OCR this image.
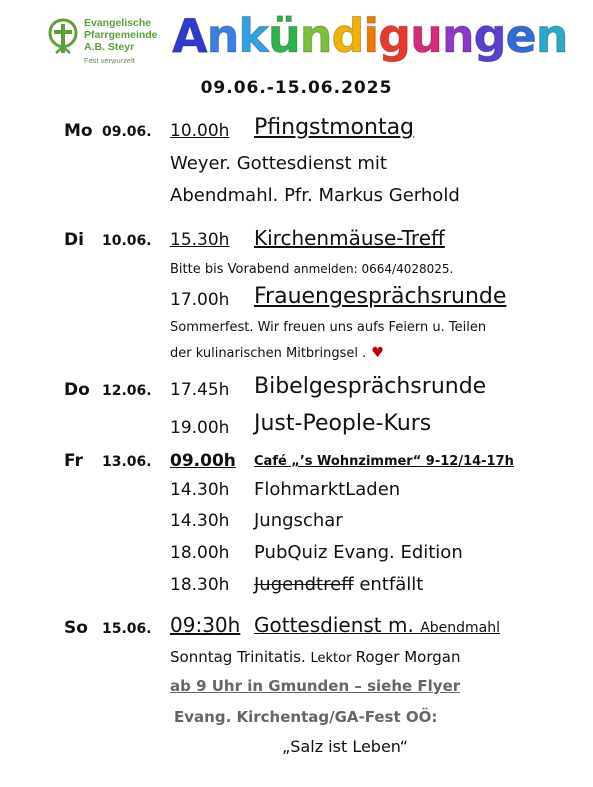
Evangelische
Pfarrgemeinde
A.B. Steyr
Fest verwurzelt Ankündigungen
09.06.-15.06.2025
Mo 09.06. 10.00h Pfingstmontag
Weyer. Gottesdienst mit
Abendmahl. Pfr. Markus Gerhold
Di 10.06. 15.30h Kirchenmäuse-Treff
Bitte bis Vorabend anmelden: 0664/4028025.
17.00h Frauengesprächsrunde
Sommerfest. Wir freuen uns aufs Feiern u. Teilen
der kulinarischen Mitbringsel . ♥
Do 12.06. 17.45h Bibelgesprächsrunde
19.00h Just-People-Kurs
Fr 13.06. 09.00h Café „’s Wohnzimmer“ 9-12/14-17h
14.30h FlohmarktLaden
14.30h Jungschar
18.00h PubQuiz Evang. Edition
18.30h Jugendtreff entfällt
So 15.06. 09:30h Gottesdienst m. Abendmahl
Sonntag Trinitatis. Lektor Roger Morgan
ab 9 Uhr in Gmunden – siehe Flyer
Evang. Kirchentag/GA-Fest OÖ:
„Salz ist Leben“
